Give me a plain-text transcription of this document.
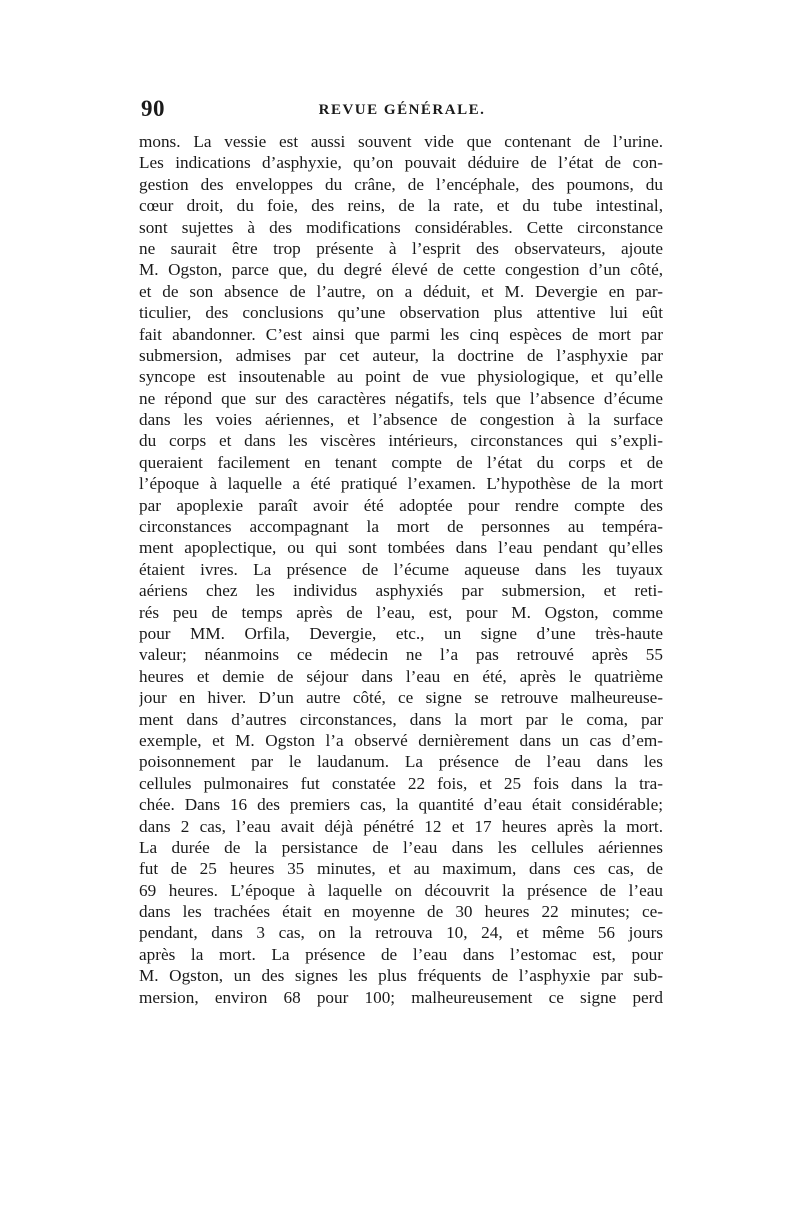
90	REVUE GÉNÉRALE.
mons. La vessie est aussi souvent vide que contenant de l’urine.
Les indications d’asphyxie, qu’on pouvait déduire de l’état de con-
gestion des enveloppes du crâne, de l’encéphale, des poumons, du
cœur droit, du foie, des reins, de la rate, et du tube intestinal,
sont sujettes à des modifications considérables. Cette circonstance
ne saurait être trop présente à l’esprit des observateurs, ajoute
M. Ogston, parce que, du degré élevé de cette congestion d’un côté,
et de son absence de l’autre, on a déduit, et M. Devergie en par-
ticulier, des conclusions qu’une observation plus attentive lui eût
fait abandonner. C’est ainsi que parmi les cinq espèces de mort par
submersion, admises par cet auteur, la doctrine de l’asphyxie par
syncope est insoutenable au point de vue physiologique, et qu’elle
ne répond que sur des caractères négatifs, tels que l’absence d’écume
dans les voies aériennes, et l’absence de congestion à la surface
du corps et dans les viscères intérieurs, circonstances qui s’expli-
queraient facilement en tenant compte de l’état du corps et de
l’époque à laquelle a été pratiqué l’examen. L’hypothèse de la mort
par apoplexie paraît avoir été adoptée pour rendre compte des
circonstances accompagnant la mort de personnes au tempéra-
ment apoplectique, ou qui sont tombées dans l’eau pendant qu’elles
étaient ivres. La présence de l’écume aqueuse dans les tuyaux
aériens chez les individus asphyxiés par submersion, et reti-
rés peu de temps après de l’eau, est, pour M. Ogston, comme
pour MM. Orfila, Devergie, etc., un signe d’une très-haute
valeur; néanmoins ce médecin ne l’a pas retrouvé après 55
heures et demie de séjour dans l’eau en été, après le quatrième
jour en hiver. D’un autre côté, ce signe se retrouve malheureuse-
ment dans d’autres circonstances, dans la mort par le coma, par
exemple, et M. Ogston l’a observé dernièrement dans un cas d’em-
poisonnement par le laudanum. La présence de l’eau dans les
cellules pulmonaires fut constatée 22 fois, et 25 fois dans la tra-
chée. Dans 16 des premiers cas, la quantité d’eau était considérable;
dans 2 cas, l’eau avait déjà pénétré 12 et 17 heures après la mort.
La durée de la persistance de l’eau dans les cellules aériennes
fut de 25 heures 35 minutes, et au maximum, dans ces cas, de
69 heures. L’époque à laquelle on découvrit la présence de l’eau
dans les trachées était en moyenne de 30 heures 22 minutes; ce-
pendant, dans 3 cas, on la retrouva 10, 24, et même 56 jours
après la mort. La présence de l’eau dans l’estomac est, pour
M. Ogston, un des signes les plus fréquents de l’asphyxie par sub-
mersion, environ 68 pour 100; malheureusement ce signe perd
